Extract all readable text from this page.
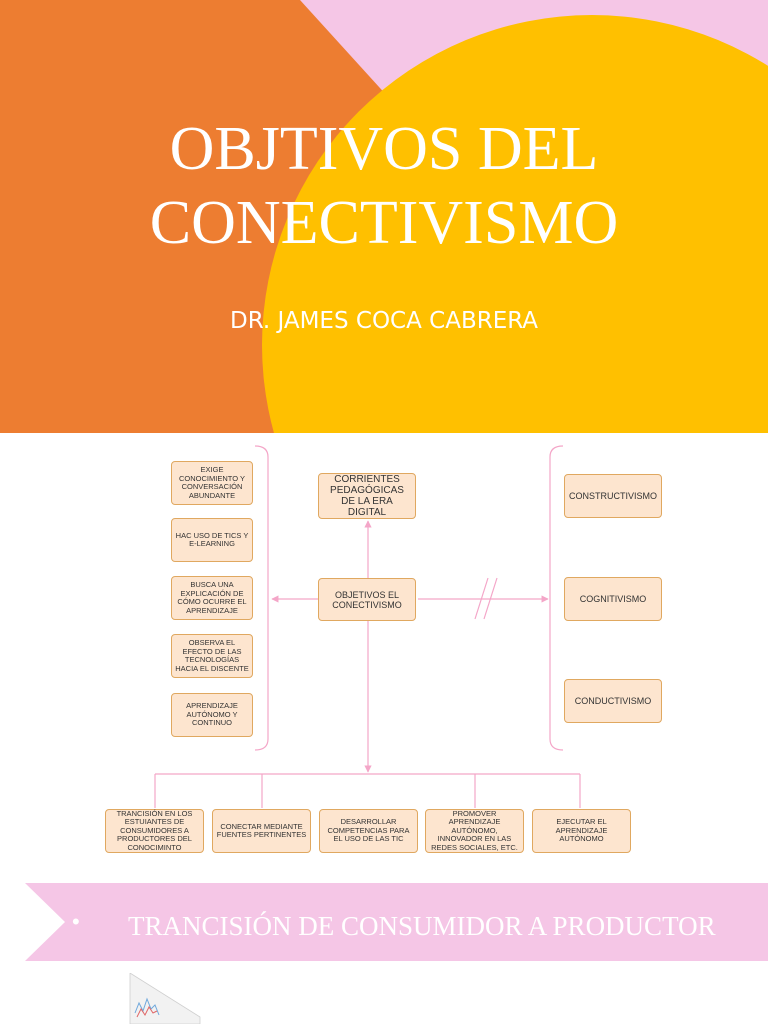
OBJTIVOS DEL
CONECTIVISMO
DR. JAMES COCA CABRERA
CORRIENTES PEDAGÓGICAS DE LA ERA DIGITAL
OBJETIVOS EL CONECTIVISMO
EXIGE CONOCIMIENTO Y CONVERSACIÓN ABUNDANTE
HAC USO DE TICS Y E-LEARNING
BUSCA UNA EXPLICACIÓN DE CÓMO OCURRE EL APRENDIZAJE
OBSERVA EL EFECTO DE LAS TECNOLOGÍAS HACIA EL DISCENTE
APRENDIZAJE AUTÓNOMO Y CONTINUO
CONSTRUCTIVISMO
COGNITIVISMO
CONDUCTIVISMO
TRANCISIÓN EN LOS ESTUIANTES DE CONSUMIDORES A PRODUCTORES DEL CONOCIMINTO
CONECTAR MEDIANTE FUENTES PERTINENTES
DESARROLLAR COMPETENCIAS PARA EL USO DE LAS TIC
PROMOVER APRENDIZAJE AUTÓNOMO, INNOVADOR EN LAS REDES SOCIALES, ETC.
EJECUTAR EL APRENDIZAJE AUTÓNOMO
• TRANCISIÓN DE CONSUMIDOR A PRODUCTOR
